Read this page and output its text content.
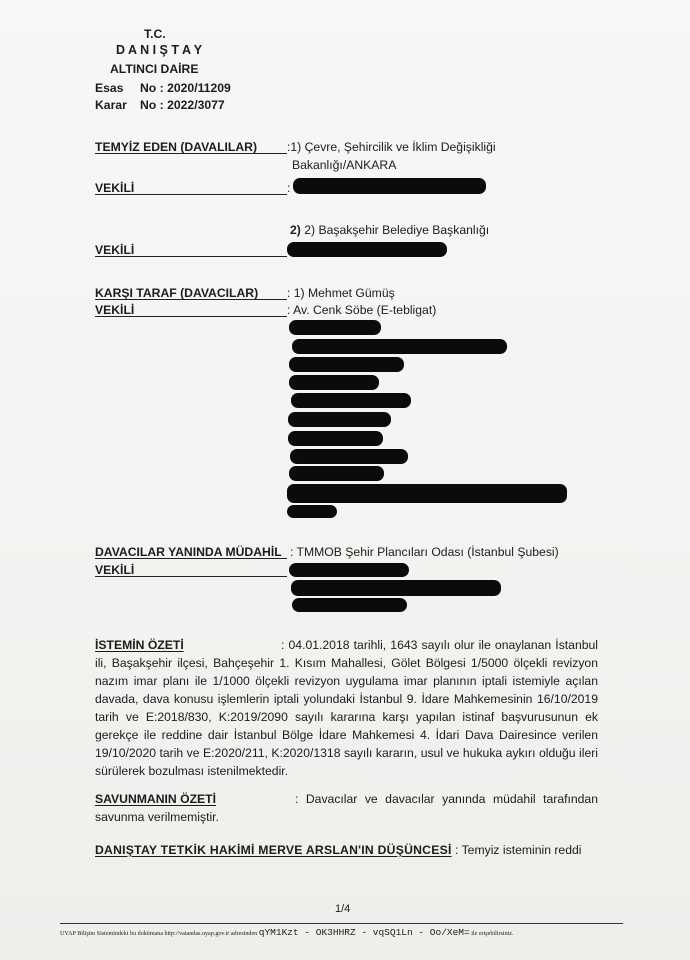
T.C.
D A N I Ş T A Y
ALTINCI DAİRE
Esas No : 2020/11209
Karar No : 2022/3077
TEMYİZ EDEN (DAVALILAR) :1) Çevre, Şehircilik ve İklim Değişikliği
Bakanlığı/ANKARA
VEKİLİ	:
2) 2) Başakşehir Belediye Başkanlığı
VEKİLİ
KARŞI TARAF (DAVACILAR) : 1) Mehmet Gümüş
VEKİLİ	: Av. Cenk Söbe (E-tebligat)
DAVACILAR YANINDA MÜDAHİL : TMMOB Şehir Plancıları Odası (İstanbul Şubesi)
VEKİLİ
İSTEMİN ÖZETİ	: 04.01.2018 tarihli, 1643 sayılı olur ile onaylanan İstanbul ili, Başakşehir ilçesi, Bahçeşehir 1. Kısım Mahallesi, Gölet Bölgesi 1/5000 ölçekli revizyon nazım imar planı ile 1/1000 ölçekli revizyon uygulama imar planının iptali istemiyle açılan davada, dava konusu işlemlerin iptali yolundaki İstanbul 9. İdare Mahkemesinin 16/10/2019 tarih ve E:2018/830, K:2019/2090 sayılı kararına karşı yapılan istinaf başvurusunun ek gerekçe ile reddine dair İstanbul Bölge İdare Mahkemesi 4. İdari Dava Dairesince verilen 19/10/2020 tarih ve E:2020/211, K:2020/1318 sayılı kararın, usul ve hukuka aykırı olduğu ileri sürülerek bozulması istenilmektedir.
SAVUNMANIN ÖZETİ	: Davacılar ve davacılar yanında müdahil tarafından savunma verilmemiştir.
DANIŞTAY TETKİK HAKİMİ MERVE ARSLAN'IN DÜŞÜNCESİ : Temyiz isteminin reddi
1/4
UYAP Bilişim Sistemindeki bu dokümana http://vatandas.uyap.gov.tr adresinden qYM1Kzt - OK3HHRZ - vqSQ1Ln - Oo/XeM= ile erişebilirsiniz.
